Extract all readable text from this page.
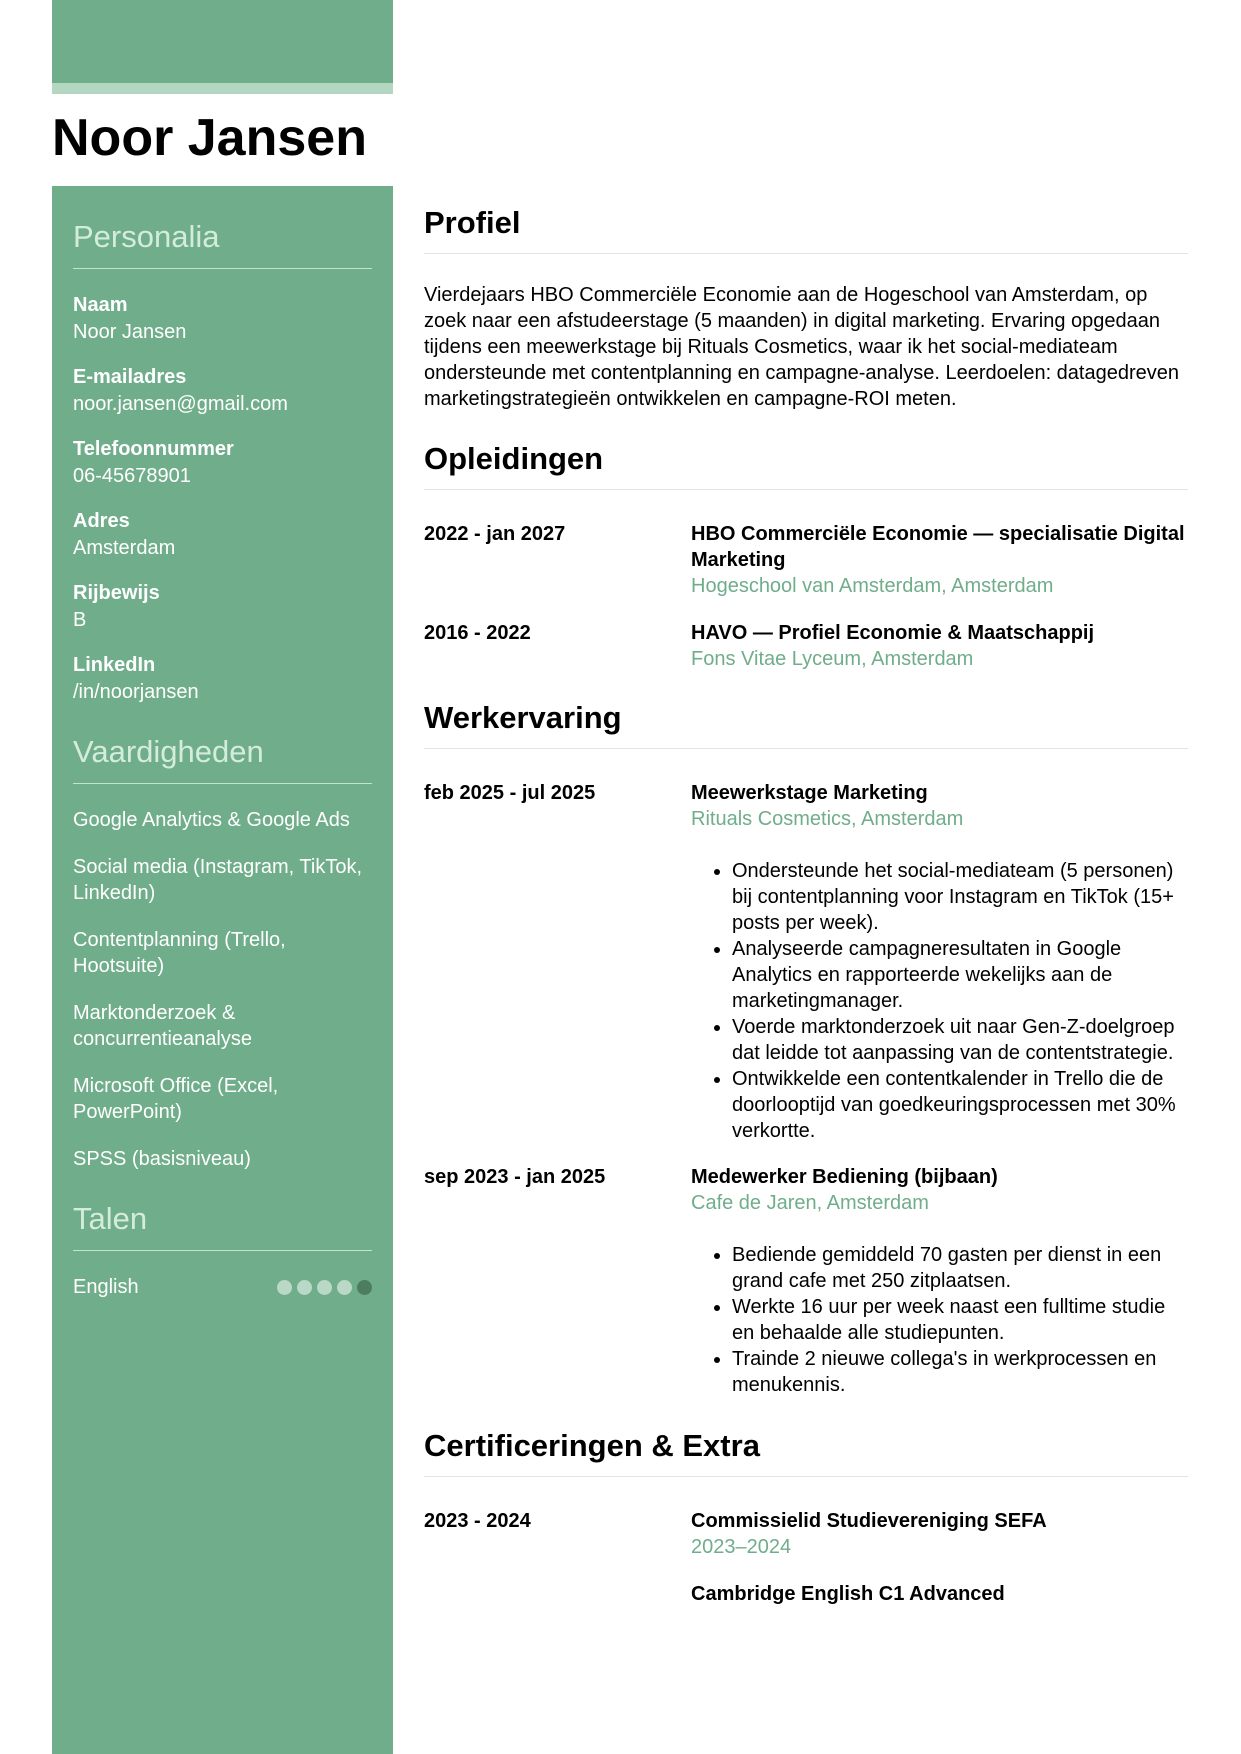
Noor Jansen
Personalia
Naam
Noor Jansen
E-mailadres
noor.jansen@gmail.com
Telefoonnummer
06-45678901
Adres
Amsterdam
Rijbewijs
B
LinkedIn
/in/noorjansen
Vaardigheden
Google Analytics & Google Ads
Social media (Instagram, TikTok, LinkedIn)
Contentplanning (Trello, Hootsuite)
Marktonderzoek & concurrentieanalyse
Microsoft Office (Excel, PowerPoint)
SPSS (basisniveau)
Talen
English
Profiel

Vierdejaars HBO Commerciële Economie aan de Hogeschool van Amsterdam, op zoek naar een afstudeerstage (5 maanden) in digital marketing. Ervaring opgedaan tijdens een meewerkstage bij Rituals Cosmetics, waar ik het social-mediateam ondersteunde met contentplanning en campagne-analyse. Leerdoelen: datagedreven marketingstrategieën ontwikkelen en campagne-ROI meten.

Opleidingen
2022 - jan 2027	HBO Commerciële Economie — specialisatie Digital Marketing
Hogeschool van Amsterdam, Amsterdam
2016 - 2022	HAVO — Profiel Economie & Maatschappij
Fons Vitae Lyceum, Amsterdam
Werkervaring
feb 2025 - jul 2025	Meewerkstage Marketing
Rituals Cosmetics, Amsterdam
• Ondersteunde het social-mediateam (5 personen) bij contentplanning voor Instagram en TikTok (15+ posts per week).
• Analyseerde campagneresultaten in Google Analytics en rapporteerde wekelijks aan de marketingmanager.
• Voerde marktonderzoek uit naar Gen-Z-doelgroep dat leidde tot aanpassing van de contentstrategie.
• Ontwikkelde een contentkalender in Trello die de doorlooptijd van goedkeuringsprocessen met 30% verkortte.
sep 2023 - jan 2025	Medewerker Bediening (bijbaan)
Cafe de Jaren, Amsterdam
• Bediende gemiddeld 70 gasten per dienst in een grand cafe met 250 zitplaatsen.
• Werkte 16 uur per week naast een fulltime studie en behaalde alle studiepunten.
• Trainde 2 nieuwe collega's in werkprocessen en menukennis.
Certificeringen & Extra
2023 - 2024	Commissielid Studievereniging SEFA
2023–2024
Cambridge English C1 Advanced
